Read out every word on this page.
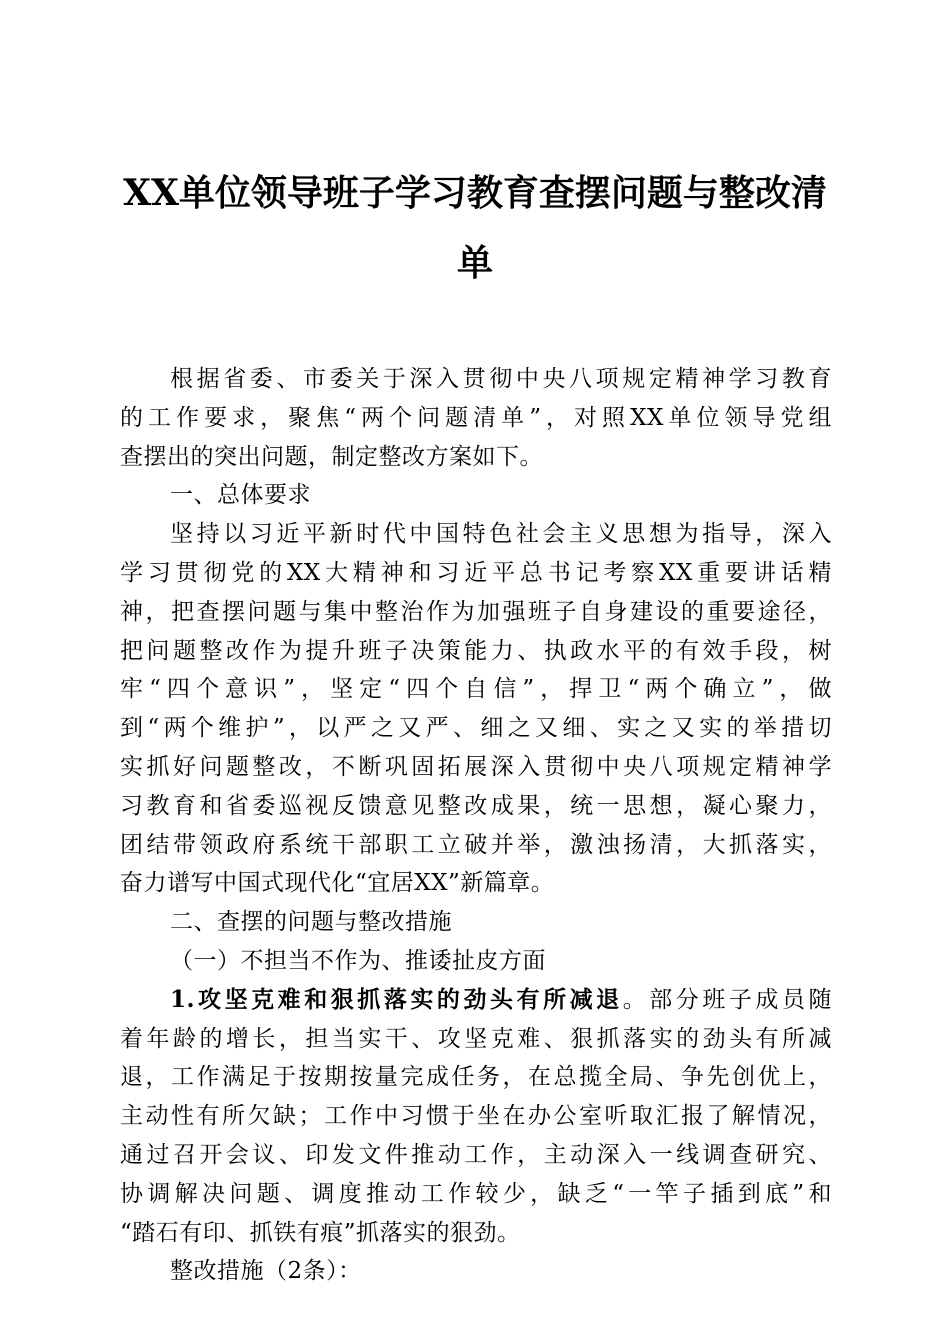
XX单位领导班子学习教育查摆问题与整改清
单
根据省委、市委关于深入贯彻中央八项规定精神学习教育
的工作要求，聚焦“两个问题清单”，对照XX单位领导党组
查摆出的突出问题，制定整改方案如下。
一、总体要求
坚持以习近平新时代中国特色社会主义思想为指导，深入
学习贯彻党的XX大精神和习近平总书记考察XX重要讲话精
神，把查摆问题与集中整治作为加强班子自身建设的重要途径，
把问题整改作为提升班子决策能力、执政水平的有效手段，树
牢“四个意识”，坚定“四个自信”，捍卫“两个确立”，做
到“两个维护”，以严之又严、细之又细、实之又实的举措切
实抓好问题整改，不断巩固拓展深入贯彻中央八项规定精神学
习教育和省委巡视反馈意见整改成果，统一思想，凝心聚力，
团结带领政府系统干部职工立破并举，激浊扬清，大抓落实，
奋力谱写中国式现代化“宜居XX”新篇章。
二、查摆的问题与整改措施
（一）不担当不作为、推诿扯皮方面
1.攻坚克难和狠抓落实的劲头有所减退。部分班子成员随
着年龄的增长，担当实干、攻坚克难、狠抓落实的劲头有所减
退，工作满足于按期按量完成任务，在总揽全局、争先创优上，
主动性有所欠缺；工作中习惯于坐在办公室听取汇报了解情况，
通过召开会议、印发文件推动工作，主动深入一线调查研究、
协调解决问题、调度推动工作较少，缺乏“一竿子插到底”和
“踏石有印、抓铁有痕”抓落实的狠劲。
整改措施（2条）：
